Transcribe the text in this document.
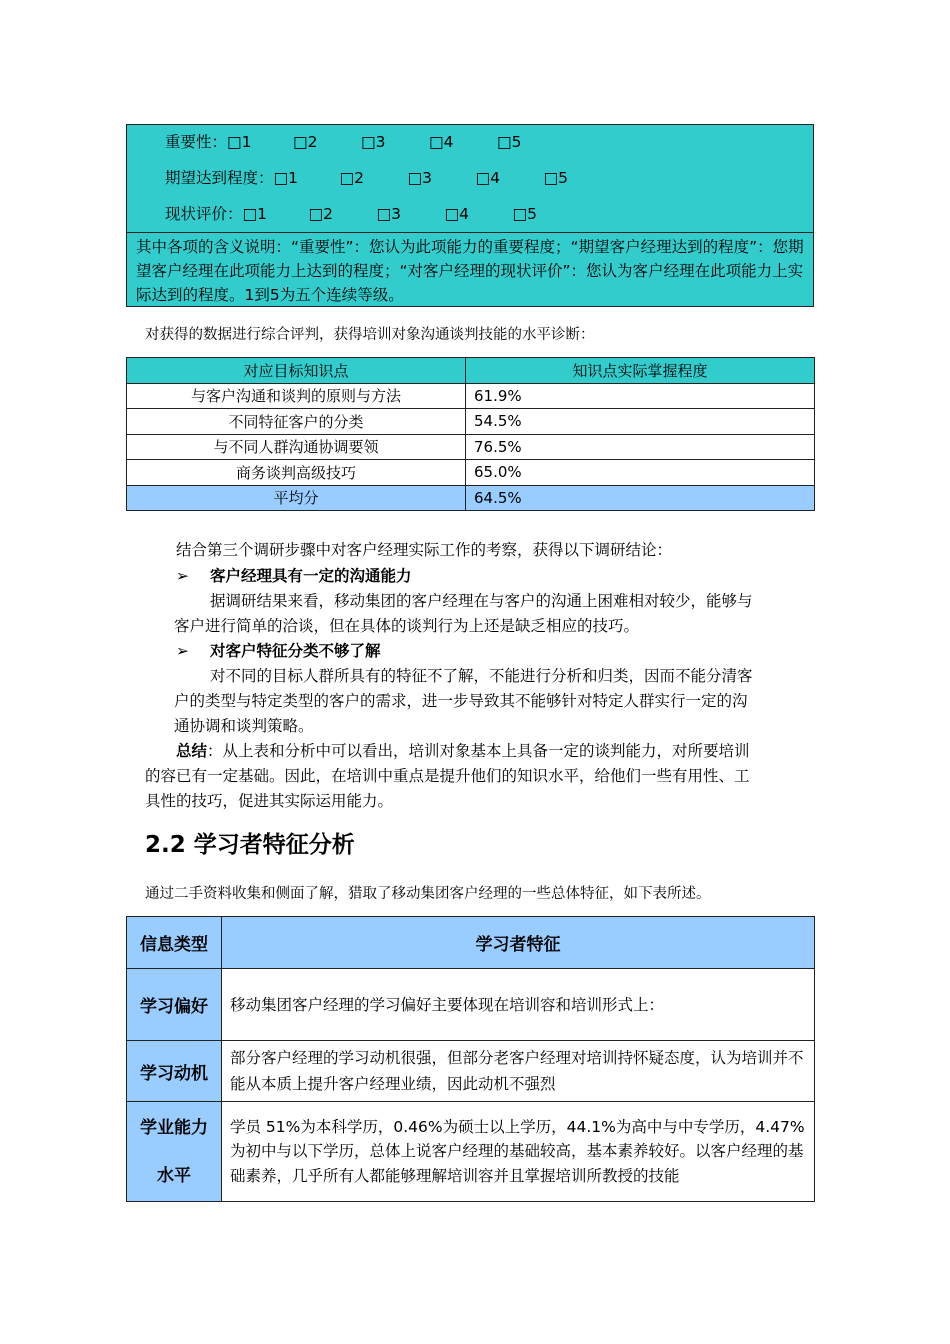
重要性：□1	□2	□3	□4	□5
期望达到程度：□1	□2	□3	□4	□5
现状评价：□1	□2	□3	□4	□5
其中各项的含义说明：“重要性”：您认为此项能力的重要程度；“期望客户经理达到的程度”：您期望客户经理在此项能力上达到的程度；“对客户经理的现状评价”：您认为客户经理在此项能力上实际达到的程度。1到5为五个连续等级。
对获得的数据进行综合评判，获得培训对象沟通谈判技能的水平诊断：
对应目标知识点	知识点实际掌握程度
与客户沟通和谈判的原则与方法	61.9%
不同特征客户的分类	54.5%
与不同人群沟通协调要领	76.5%
商务谈判高级技巧	65.0%
平均分	64.5%
结合第三个调研步骤中对客户经理实际工作的考察，获得以下调研结论：
➢ 客户经理具有一定的沟通能力
据调研结果来看，移动集团的客户经理在与客户的沟通上困难相对较少，能够与
客户进行简单的洽谈，但在具体的谈判行为上还是缺乏相应的技巧。
➢ 对客户特征分类不够了解
对不同的目标人群所具有的特征不了解，不能进行分析和归类，因而不能分清客
户的类型与特定类型的客户的需求，进一步导致其不能够针对特定人群实行一定的沟
通协调和谈判策略。
总结：从上表和分析中可以看出，培训对象基本上具备一定的谈判能力，对所要培训
的容已有一定基础。因此，在培训中重点是提升他们的知识水平，给他们一些有用性、工
具性的技巧，促进其实际运用能力。
2.2 学习者特征分析
通过二手资料收集和侧面了解，猎取了移动集团客户经理的一些总体特征，如下表所述。
信息类型	学习者特征
学习偏好	移动集团客户经理的学习偏好主要体现在培训容和培训形式上：
学习动机	部分客户经理的学习动机很强，但部分老客户经理对培训持怀疑态度，认为培训并不能从本质上提升客户经理业绩，因此动机不强烈

学业能力
水平	学员 51%为本科学历，0.46%为硕士以上学历，44.1%为高中与中专学历，4.47%为初中与以下学历，总体上说客户经理的基础较高，基本素养较好。以客户经理的基础素养，几乎所有人都能够理解培训容并且掌握培训所教授的技能
